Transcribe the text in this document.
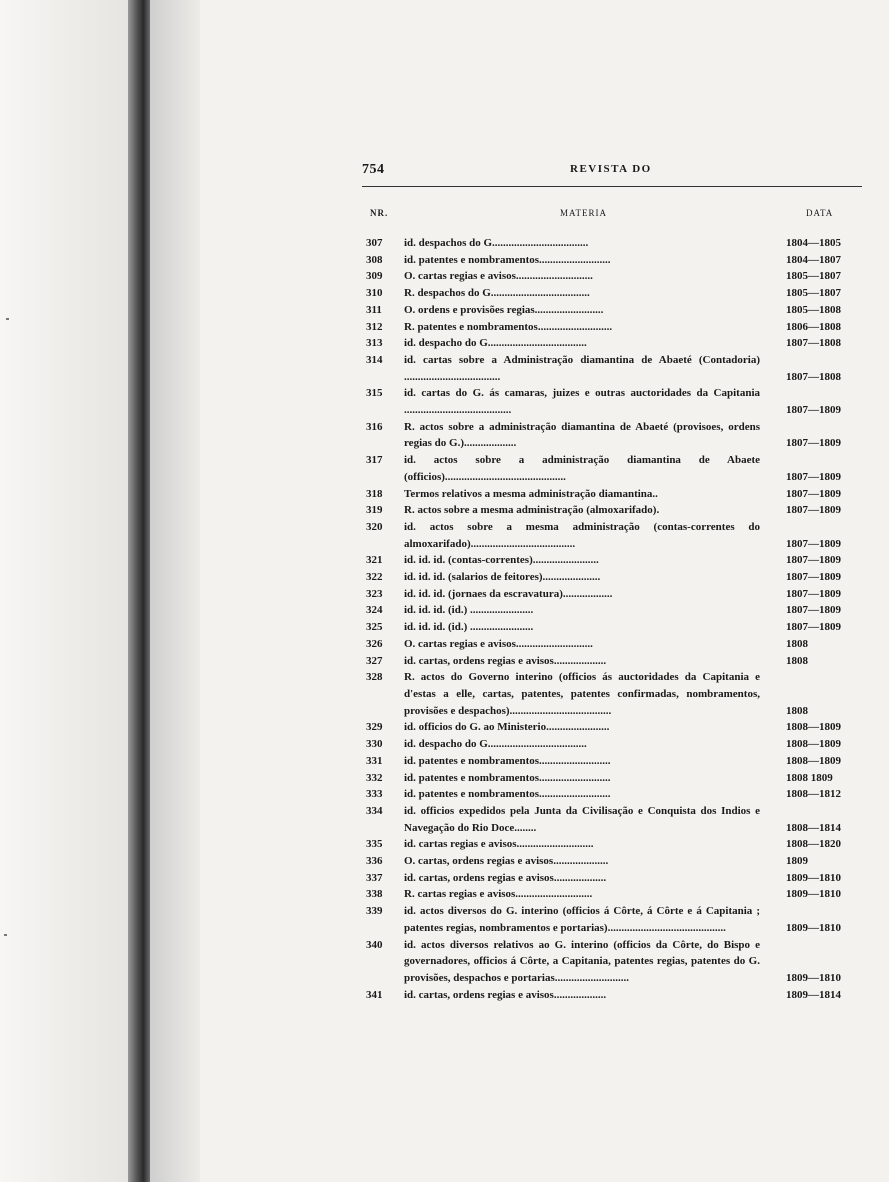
754	REVISTA DO
NR.	MATERIA	DATA
307	id. despachos do G...................................	1804—1805
308	id. patentes e nombramentos..........................	1804—1807
309	O. cartas regias e avisos............................	1805—1807
310	R. despachos do G....................................	1805—1807
311	O. ordens e provisões regias.........................	1805—1808
312	R. patentes e nombramentos...........................	1806—1808
313	id. despacho do G....................................	1807—1808
314	id. cartas sobre a Administração diamantina de Abaeté (Contadoria) ...................................	1807—1808
315	id. cartas do G. ás camaras, juizes e outras auctoridades da Capitania .......................................	1807—1809
316	R. actos sobre a administração diamantina de Abaeté (provisoes, ordens regias do G.)...................	1807—1809
317	id. actos sobre a administração diamantina de Abaete (officios)............................................	1807—1809
318	Termos relativos a mesma administração diamantina..	1807—1809
319	R. actos sobre a mesma administração (almoxarifado).	1807—1809
320	id. actos sobre a mesma administração (contas-correntes do almoxarifado)......................................	1807—1809
321	id. id. id. (contas-correntes)........................	1807—1809
322	id. id. id. (salarios de feitores).....................	1807—1809
323	id. id. id. (jornaes da escravatura)..................	1807—1809
324	id. id. id. (id.) .......................	1807—1809
325	id. id. id. (id.) .......................	1807—1809
326	O. cartas regias e avisos............................	1808
327	id. cartas, ordens regias e avisos...................	1808
328	R. actos do Governo interino (officios ás auctoridades da Capitania e d'estas a elle, cartas, patentes, patentes confirmadas, nombramentos, provisões e despachos).....................................	1808
329	id. officios do G. ao Ministerio.......................	1808—1809
330	id. despacho do G....................................	1808—1809
331	id. patentes e nombramentos..........................	1808—1809
332	id. patentes e nombramentos..........................	1808 1809
333	id. patentes e nombramentos..........................	1808—1812
334	id. officios expedidos pela Junta da Civilisação e Conquista dos Indios e Navegação do Rio Doce........	1808—1814
335	id. cartas regias e avisos............................	1808—1820
336	O. cartas, ordens regias e avisos....................	1809
337	id. cartas, ordens regias e avisos...................	1809—1810
338	R. cartas regias e avisos............................	1809—1810
339	id. actos diversos do G. interino (officios á Côrte, á Côrte e á Capitania ; patentes regias, nombramentos e portarias)...........................................	1809—1810
340	id. actos diversos relativos ao G. interino (officios da Côrte, do Bispo e governadores, officios á Côrte, a Capitania, patentes regias, patentes do G. provisões, despachos e portarias...........................	1809—1810
341	id. cartas, ordens regias e avisos...................	1809—1814
